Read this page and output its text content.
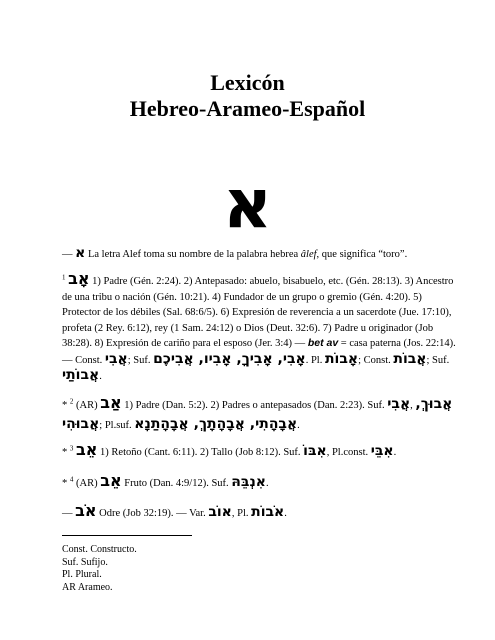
Lexicón
Hebreo-Arameo-Español
א
— א La letra Alef toma su nombre de la palabra hebrea âlef, que significa “toro”.
$^1$ אָב 1) Padre (Gén. 2:24). 2) Antepasado: abuelo, bisabuelo, etc. (Gén. 28:13). 3) Ancestro de una tribu o nación (Gén. 10:21). 4) Fundador de un grupo o gremio (Gén. 4:20). 5) Protector de los débiles (Sal. 68:6/5). 6) Expresión de reverencia a un sacerdote (Jue. 17:10), profeta (2 Rey. 6:12), rey (1 Sam. 24:12) o Dios (Deut. 32:6). 7) Padre u originador (Job 38:28). 8) Expresión de cariño para el esposo (Jer. 3:4) — bet av = casa paterna (Jos. 22:14). — Const. אֲבִי; Suf. אָבִי, אָבִיךָ, אָבִיו, אֲבִיכֶם. Pl. אָבוֹת; Const. אֲבוֹת; Suf. אֲבוֹתַי.
* $^2$ (AR) אַב 1) Padre (Dan. 5:2). 2) Padres o antepasados (Dan. 2:23). Suf. אֲבִי, אֲבוּךְ, אֲבוּהִי; Pl.suf. אֲבָהָתִי, אֲבָהָתָךְ, אֲבָהָתַנָא.
* $^3$ אֵב 1) Retoño (Cant. 6:11). 2) Tallo (Job 8:12). Suf. אִבּוֹ, Pl.const. אִבֵּי.
* $^4$ (AR) אֵב Fruto (Dan. 4:9/12). Suf. אִנְבֵּהּ.
— אֹב Odre (Job 32:19). — Var. אוֹב, Pl. אֹבוֹת.
Const. Constructo.
Suf. Sufijo.
Pl. Plural.
AR Arameo.
